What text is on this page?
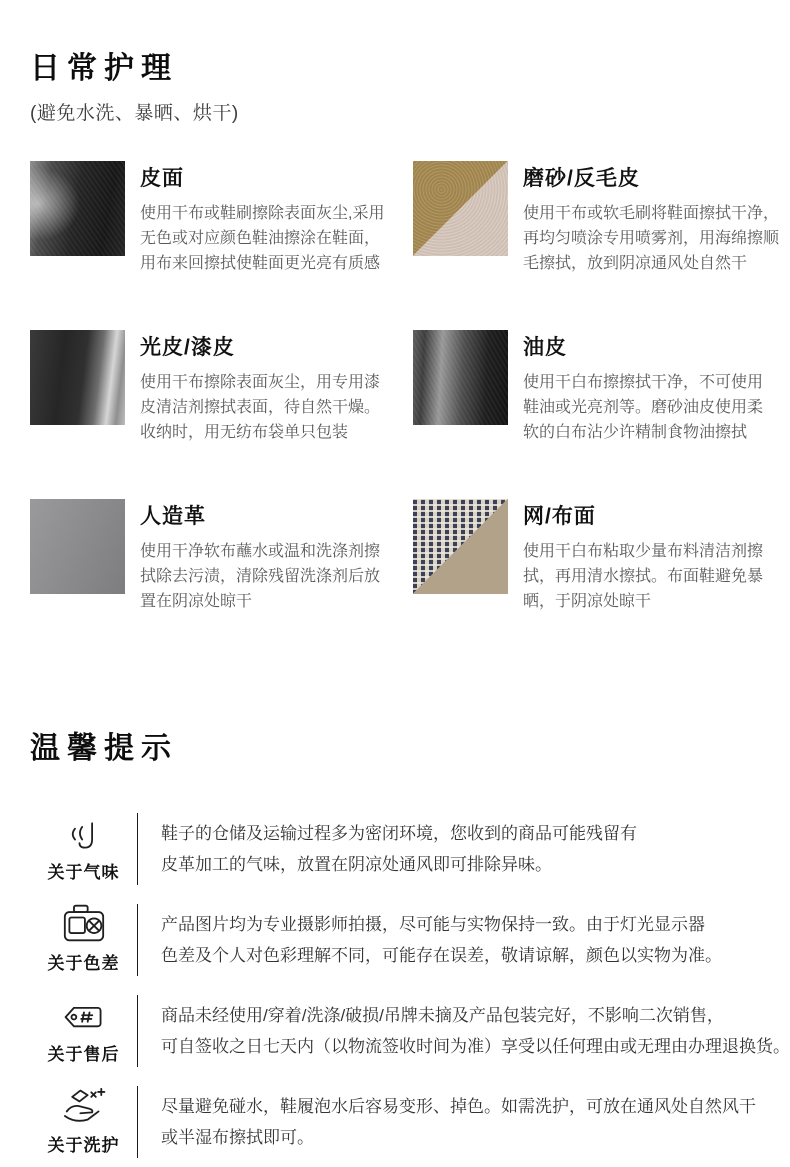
日常护理
(避免水洗、暴晒、烘干)
皮面
使用干布或鞋刷擦除表面灰尘,采用
无色或对应颜色鞋油擦涂在鞋面，
用布来回擦拭使鞋面更光亮有质感
磨砂/反毛皮
使用干布或软毛刷将鞋面擦拭干净，
再均匀喷涂专用喷雾剂，用海绵擦顺
毛擦拭，放到阴凉通风处自然干
光皮/漆皮
使用干布擦除表面灰尘，用专用漆
皮清洁剂擦拭表面，待自然干燥。
收纳时，用无纺布袋单只包装
油皮
使用干白布擦擦拭干净，不可使用
鞋油或光亮剂等。磨砂油皮使用柔
软的白布沾少许精制食物油擦拭
人造革
使用干净软布蘸水或温和洗涤剂擦
拭除去污渍，清除残留洗涤剂后放
置在阴凉处晾干
网/布面
使用干白布粘取少量布料清洁剂擦
拭，再用清水擦拭。布面鞋避免暴
晒，于阴凉处晾干
温馨提示
关于气味
鞋子的仓储及运输过程多为密闭环境，您收到的商品可能残留有
皮革加工的气味，放置在阴凉处通风即可排除异味。
关于色差
产品图片均为专业摄影师拍摄，尽可能与实物保持一致。由于灯光显示器
色差及个人对色彩理解不同，可能存在误差，敬请谅解，颜色以实物为准。
关于售后
商品未经使用/穿着/洗涤/破损/吊牌未摘及产品包装完好，不影响二次销售，
可自签收之日七天内（以物流签收时间为准）享受以任何理由或无理由办理退换货。
关于洗护
尽量避免碰水，鞋履泡水后容易变形、掉色。如需洗护，可放在通风处自然风干
或半湿布擦拭即可。
